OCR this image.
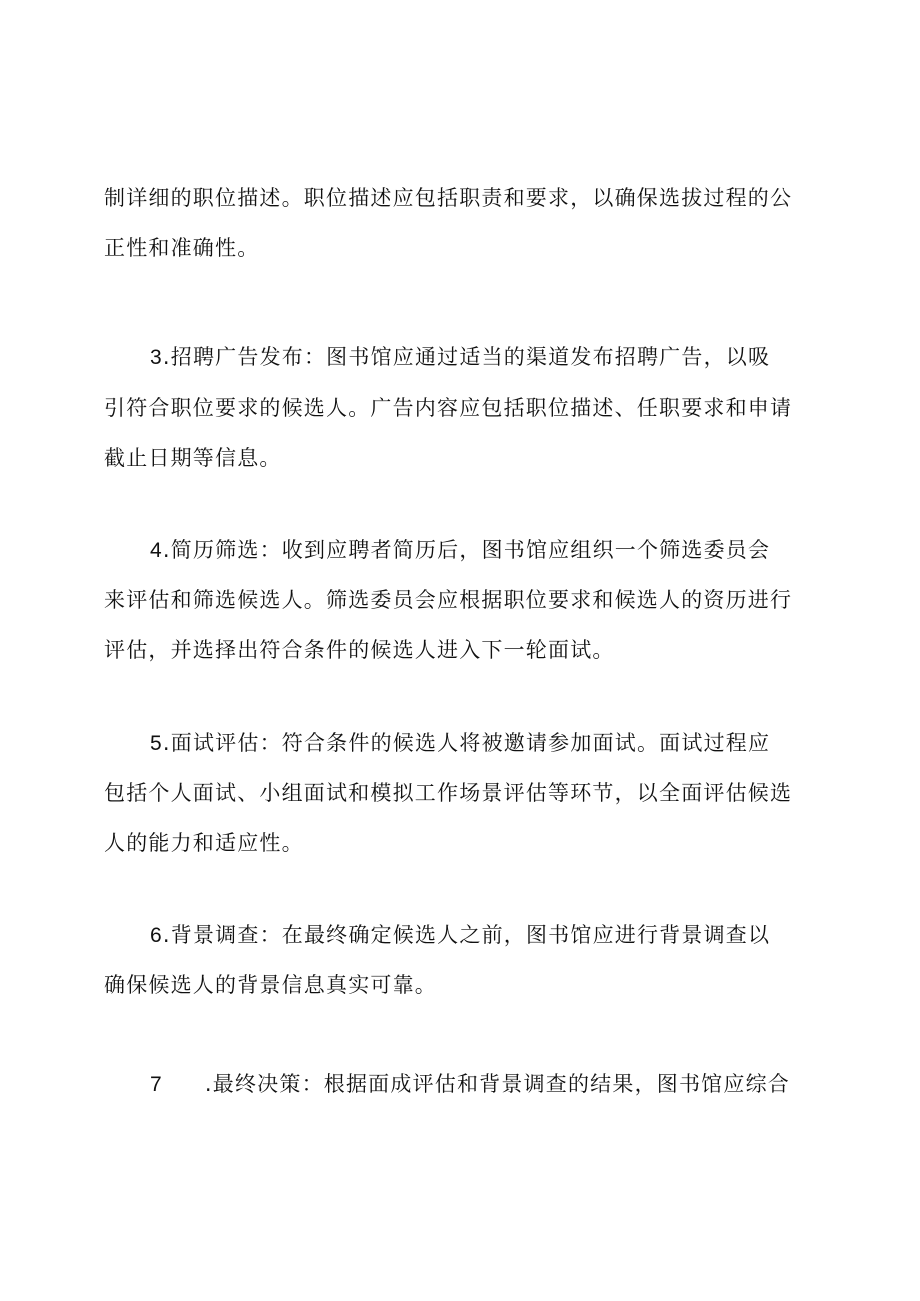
制详细的职位描述。职位描述应包括职责和要求，以确保选拔过程的公
正性和准确性。
3.招聘广告发布：图书馆应通过适当的渠道发布招聘广告，以吸
引符合职位要求的候选人。广告内容应包括职位描述、任职要求和申请
截止日期等信息。
4.简历筛选：收到应聘者简历后，图书馆应组织一个筛选委员会
来评估和筛选候选人。筛选委员会应根据职位要求和候选人的资历进行
评估，并选择出符合条件的候选人进入下一轮面试。
5.面试评估：符合条件的候选人将被邀请参加面试。面试过程应
包括个人面试、小组面试和模拟工作场景评估等环节，以全面评估候选
人的能力和适应性。
6.背景调查：在最终确定候选人之前，图书馆应进行背景调查以
确保候选人的背景信息真实可靠。
7 .最终决策：根据面成评估和背景调查的结果，图书馆应综合
